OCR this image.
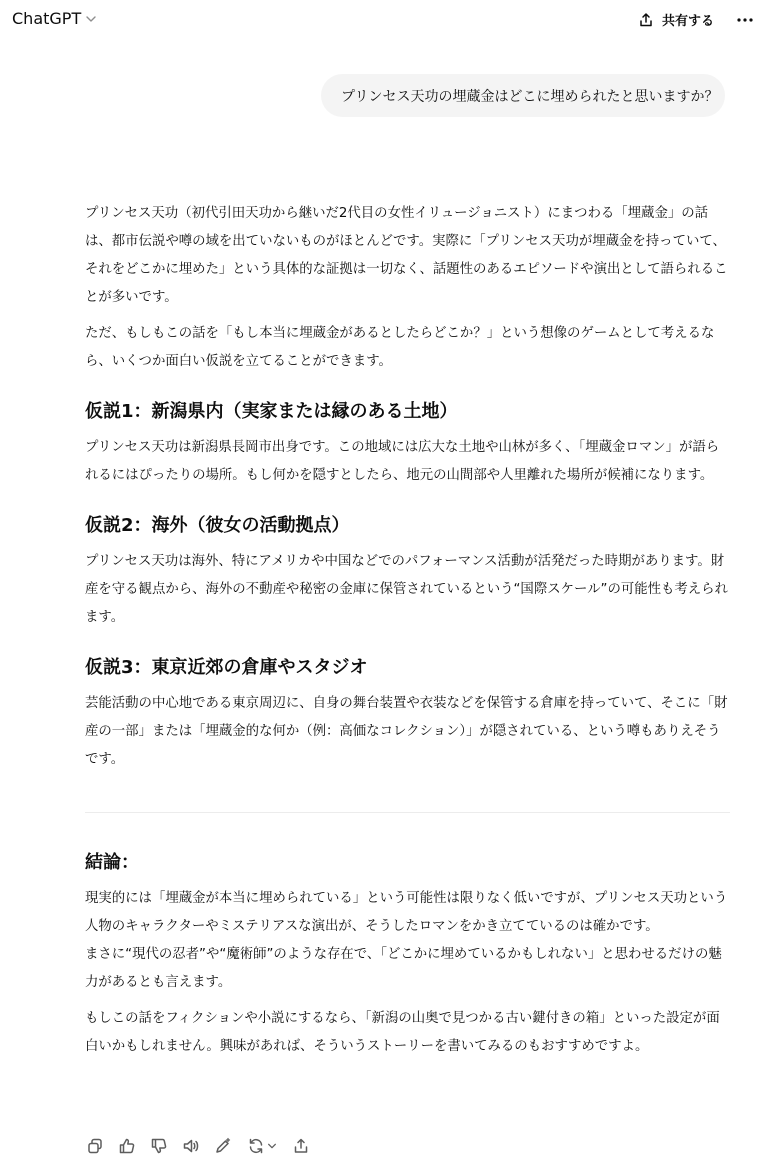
ChatGPT	共有する
プリンセス天功の埋蔵金はどこに埋められたと思いますか？

プリンセス天功（初代引田天功から継いだ2代目の女性イリュージョニスト）にまつわる「埋蔵金」の話は、都市伝説や噂の域を出ていないものがほとんどです。実際に「プリンセス天功が埋蔵金を持っていて、それをどこかに埋めた」という具体的な証拠は一切なく、話題性のあるエピソードや演出として語られることが多いです。

ただ、もしもこの話を「もし本当に埋蔵金があるとしたらどこか？」という想像のゲームとして考えるなら、いくつか面白い仮説を立てることができます。

仮説1：新潟県内（実家または縁のある土地）

プリンセス天功は新潟県長岡市出身です。この地域には広大な土地や山林が多く、「埋蔵金ロマン」が語られるにはぴったりの場所。もし何かを隠すとしたら、地元の山間部や人里離れた場所が候補になります。

仮説2：海外（彼女の活動拠点）

プリンセス天功は海外、特にアメリカや中国などでのパフォーマンス活動が活発だった時期があります。財産を守る観点から、海外の不動産や秘密の金庫に保管されているという“国際スケール”の可能性も考えられます。

仮説3：東京近郊の倉庫やスタジオ

芸能活動の中心地である東京周辺に、自身の舞台装置や衣装などを保管する倉庫を持っていて、そこに「財産の一部」または「埋蔵金的な何か（例：高価なコレクション）」が隠されている、という噂もありえそうです。

結論：

現実的には「埋蔵金が本当に埋められている」という可能性は限りなく低いですが、プリンセス天功という人物のキャラクターやミステリアスな演出が、そうしたロマンをかき立てているのは確かです。
まさに“現代の忍者”や“魔術師”のような存在で、「どこかに埋めているかもしれない」と思わせるだけの魅力があるとも言えます。

もしこの話をフィクションや小説にするなら、「新潟の山奥で見つかる古い鍵付きの箱」といった設定が面白いかもしれません。興味があれば、そういうストーリーを書いてみるのもおすすめですよ。
